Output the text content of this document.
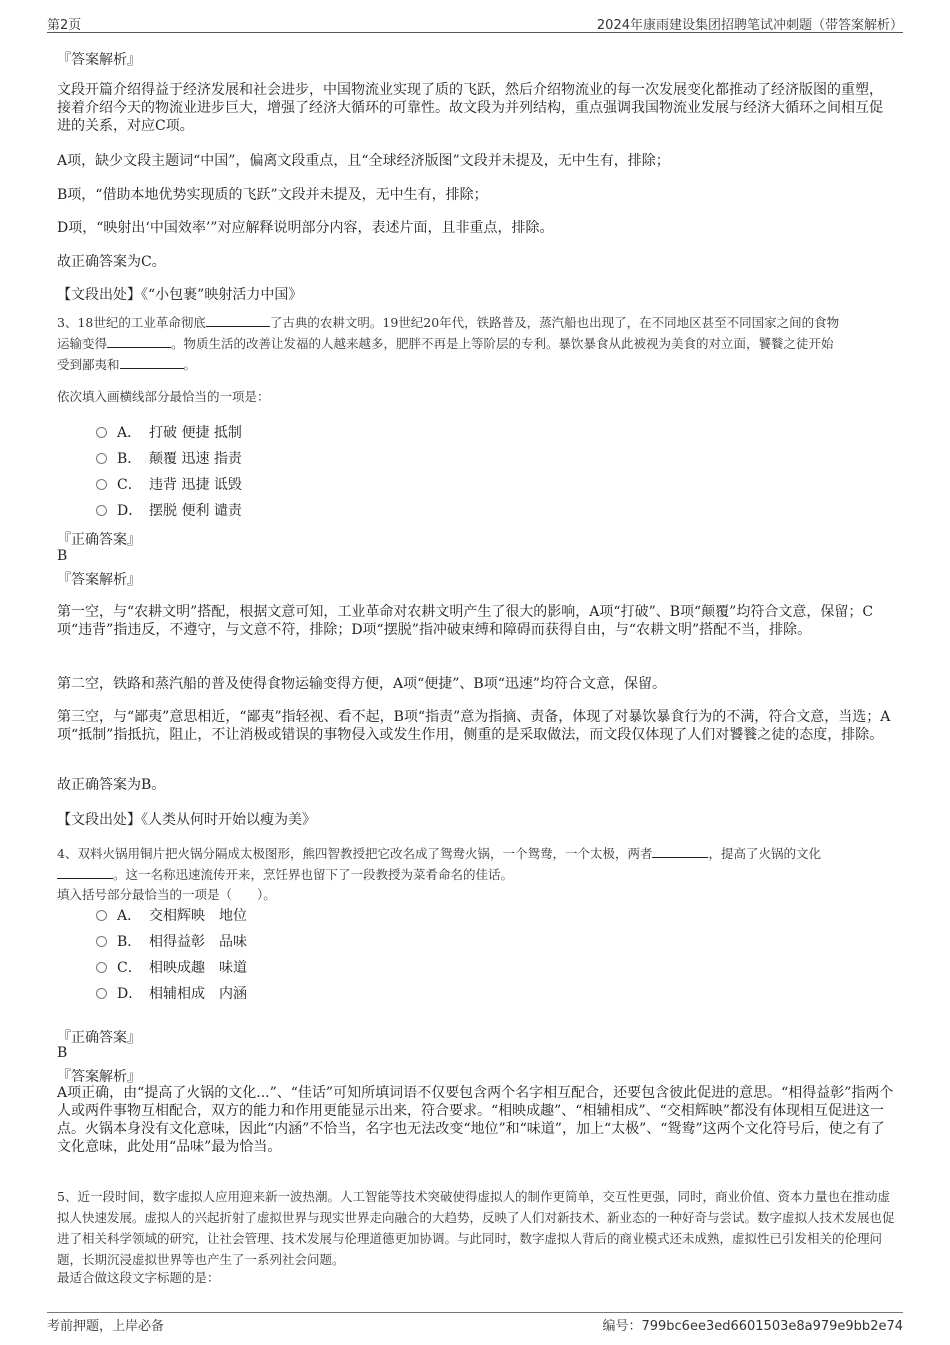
第2页	2024年康雨建设集团招聘笔试冲刺题（带答案解析）
『答案解析』

文段开篇介绍得益于经济发展和社会进步，中国物流业实现了质的飞跃，然后介绍物流业的每一次发展变化都推动了经济版图的重塑，接着介绍今天的物流业进步巨大，增强了经济大循环的可靠性。故文段为并列结构，重点强调我国物流业发展与经济大循环之间相互促进的关系，对应C项。

A项，缺少文段主题词“中国”，偏离文段重点，且“全球经济版图”文段并未提及，无中生有，排除；

B项，“借助本地优势实现质的飞跃”文段并未提及，无中生有，排除；

D项，“映射出‘中国效率’”对应解释说明部分内容，表述片面，且非重点，排除。

故正确答案为C。

【文段出处】《“小包裹”映射活力中国》

3、18世纪的工业革命彻底	了古典的农耕文明。19世纪20年代，铁路普及，蒸汽船也出现了，在不同地区甚至不同国家之间的食物
运输变得	。物质生活的改善让发福的人越来越多，肥胖不再是上等阶层的专利。暴饮暴食从此被视为美食的对立面，饕餮之徒开始
受到鄙夷和	。
依次填入画横线部分最恰当的一项是：
A． 打破 便捷 抵制
B． 颠覆 迅速 指责
C． 违背 迅捷 诋毁
D． 摆脱 便利 谴责
『正确答案』
B
『答案解析』

第一空，与“农耕文明”搭配，根据文意可知，工业革命对农耕文明产生了很大的影响，A项“打破”、B项“颠覆”均符合文意，保留；C项“违背”指违反，不遵守，与文意不符，排除；D项“摆脱”指冲破束缚和障碍而获得自由，与“农耕文明”搭配不当，排除。

第二空，铁路和蒸汽船的普及使得食物运输变得方便，A项“便捷”、B项“迅速”均符合文意，保留。

第三空，与“鄙夷”意思相近，“鄙夷”指轻视、看不起，B项“指责”意为指摘、责备，体现了对暴饮暴食行为的不满，符合文意，当选；A项“抵制”指抵抗，阻止，不让消极或错误的事物侵入或发生作用，侧重的是采取做法，而文段仅体现了人们对饕餮之徒的态度，排除。

故正确答案为B。

【文段出处】《人类从何时开始以瘦为美》

4、双料火锅用铜片把火锅分隔成太极图形，熊四智教授把它改名成了鸳鸯火锅，一个鸳鸯，一个太极，两者	，提高了火锅的文化
。这一名称迅速流传开来，烹饪界也留下了一段教授为菜肴命名的佳话。
填入括号部分最恰当的一项是（　　）。
A． 交相辉映　地位
B． 相得益彰　品味
C． 相映成趣　味道
D． 相辅相成　内涵
『正确答案』
B
『答案解析』

A项正确，由“提高了火锅的文化...”、“佳话”可知所填词语不仅要包含两个名字相互配合，还要包含彼此促进的意思。“相得益彰”指两个人或两件事物互相配合，双方的能力和作用更能显示出来，符合要求。“相映成趣”、“相辅相成”、“交相辉映”都没有体现相互促进这一点。火锅本身没有文化意味，因此“内涵”不恰当，名字也无法改变“地位”和“味道”，加上“太极”、“鸳鸯”这两个文化符号后，使之有了文化意味，此处用“品味”最为恰当。

5、近一段时间，数字虚拟人应用迎来新一波热潮。人工智能等技术突破使得虚拟人的制作更简单，交互性更强，同时，商业价值、资本力量也在推动虚拟人快速发展。虚拟人的兴起折射了虚拟世界与现实世界走向融合的大趋势，反映了人们对新技术、新业态的一种好奇与尝试。数字虚拟人技术发展也促进了相关科学领域的研究，让社会管理、技术发展与伦理道德更加协调。与此同时，数字虚拟人背后的商业模式还未成熟，虚拟性已引发相关的伦理问题，长期沉浸虚拟世界等也产生了一系列社会问题。

最适合做这段文字标题的是：
考前押题，上岸必备	编号：799bc6ee3ed6601503e8a979e9bb2e74
